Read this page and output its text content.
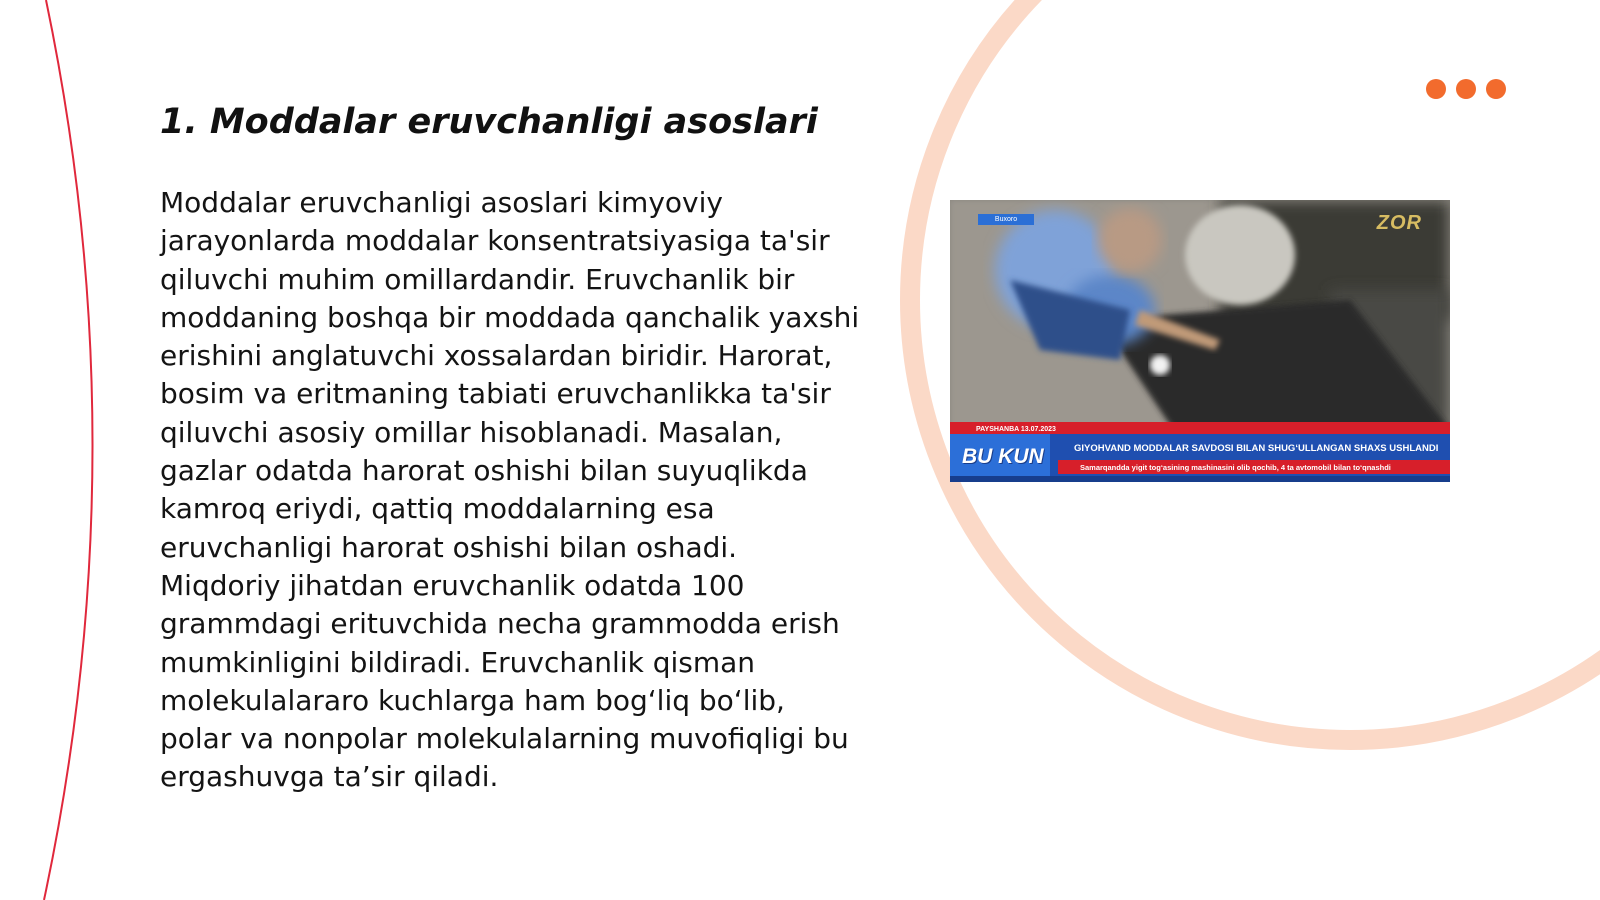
1. Moddalar eruvchanligi asoslari

Moddalar eruvchanligi asoslari kimyoviy jarayonlarda moddalar konsentratsiyasiga ta'sir qiluvchi muhim omillardandir. Eruvchanlik bir moddaning boshqa bir moddada qanchalik yaxshi erishini anglatuvchi xossalardan biridir. Harorat, bosim va eritmaning tabiati eruvchanlikka ta'sir qiluvchi asosiy omillar hisoblanadi. Masalan, gazlar odatda harorat oshishi bilan suyuqlikda kamroq eriydi, qattiq moddalarning esa eruvchanligi harorat oshishi bilan oshadi. Miqdoriy jihatdan eruvchanlik odatda 100 grammdagi erituvchida necha grammodda erish mumkinligini bildiradi. Eruvchanlik qisman molekulalararo kuchlarga ham bog‘liq bo‘lib, polar va nonpolar molekulalarning muvofiqligi bu ergashuvga ta’sir qiladi.

Buxoro	ZOR
PAYSHANBA 13.07.2023
BU KUN	GIYOHVAND MODDALAR SAVDOSI BILAN SHUG‘ULLANGAN SHAXS USHLANDI
Samarqandda yigit tog‘asining mashinasini olib qochib, 4 ta avtomobil bilan to‘qnashdi
